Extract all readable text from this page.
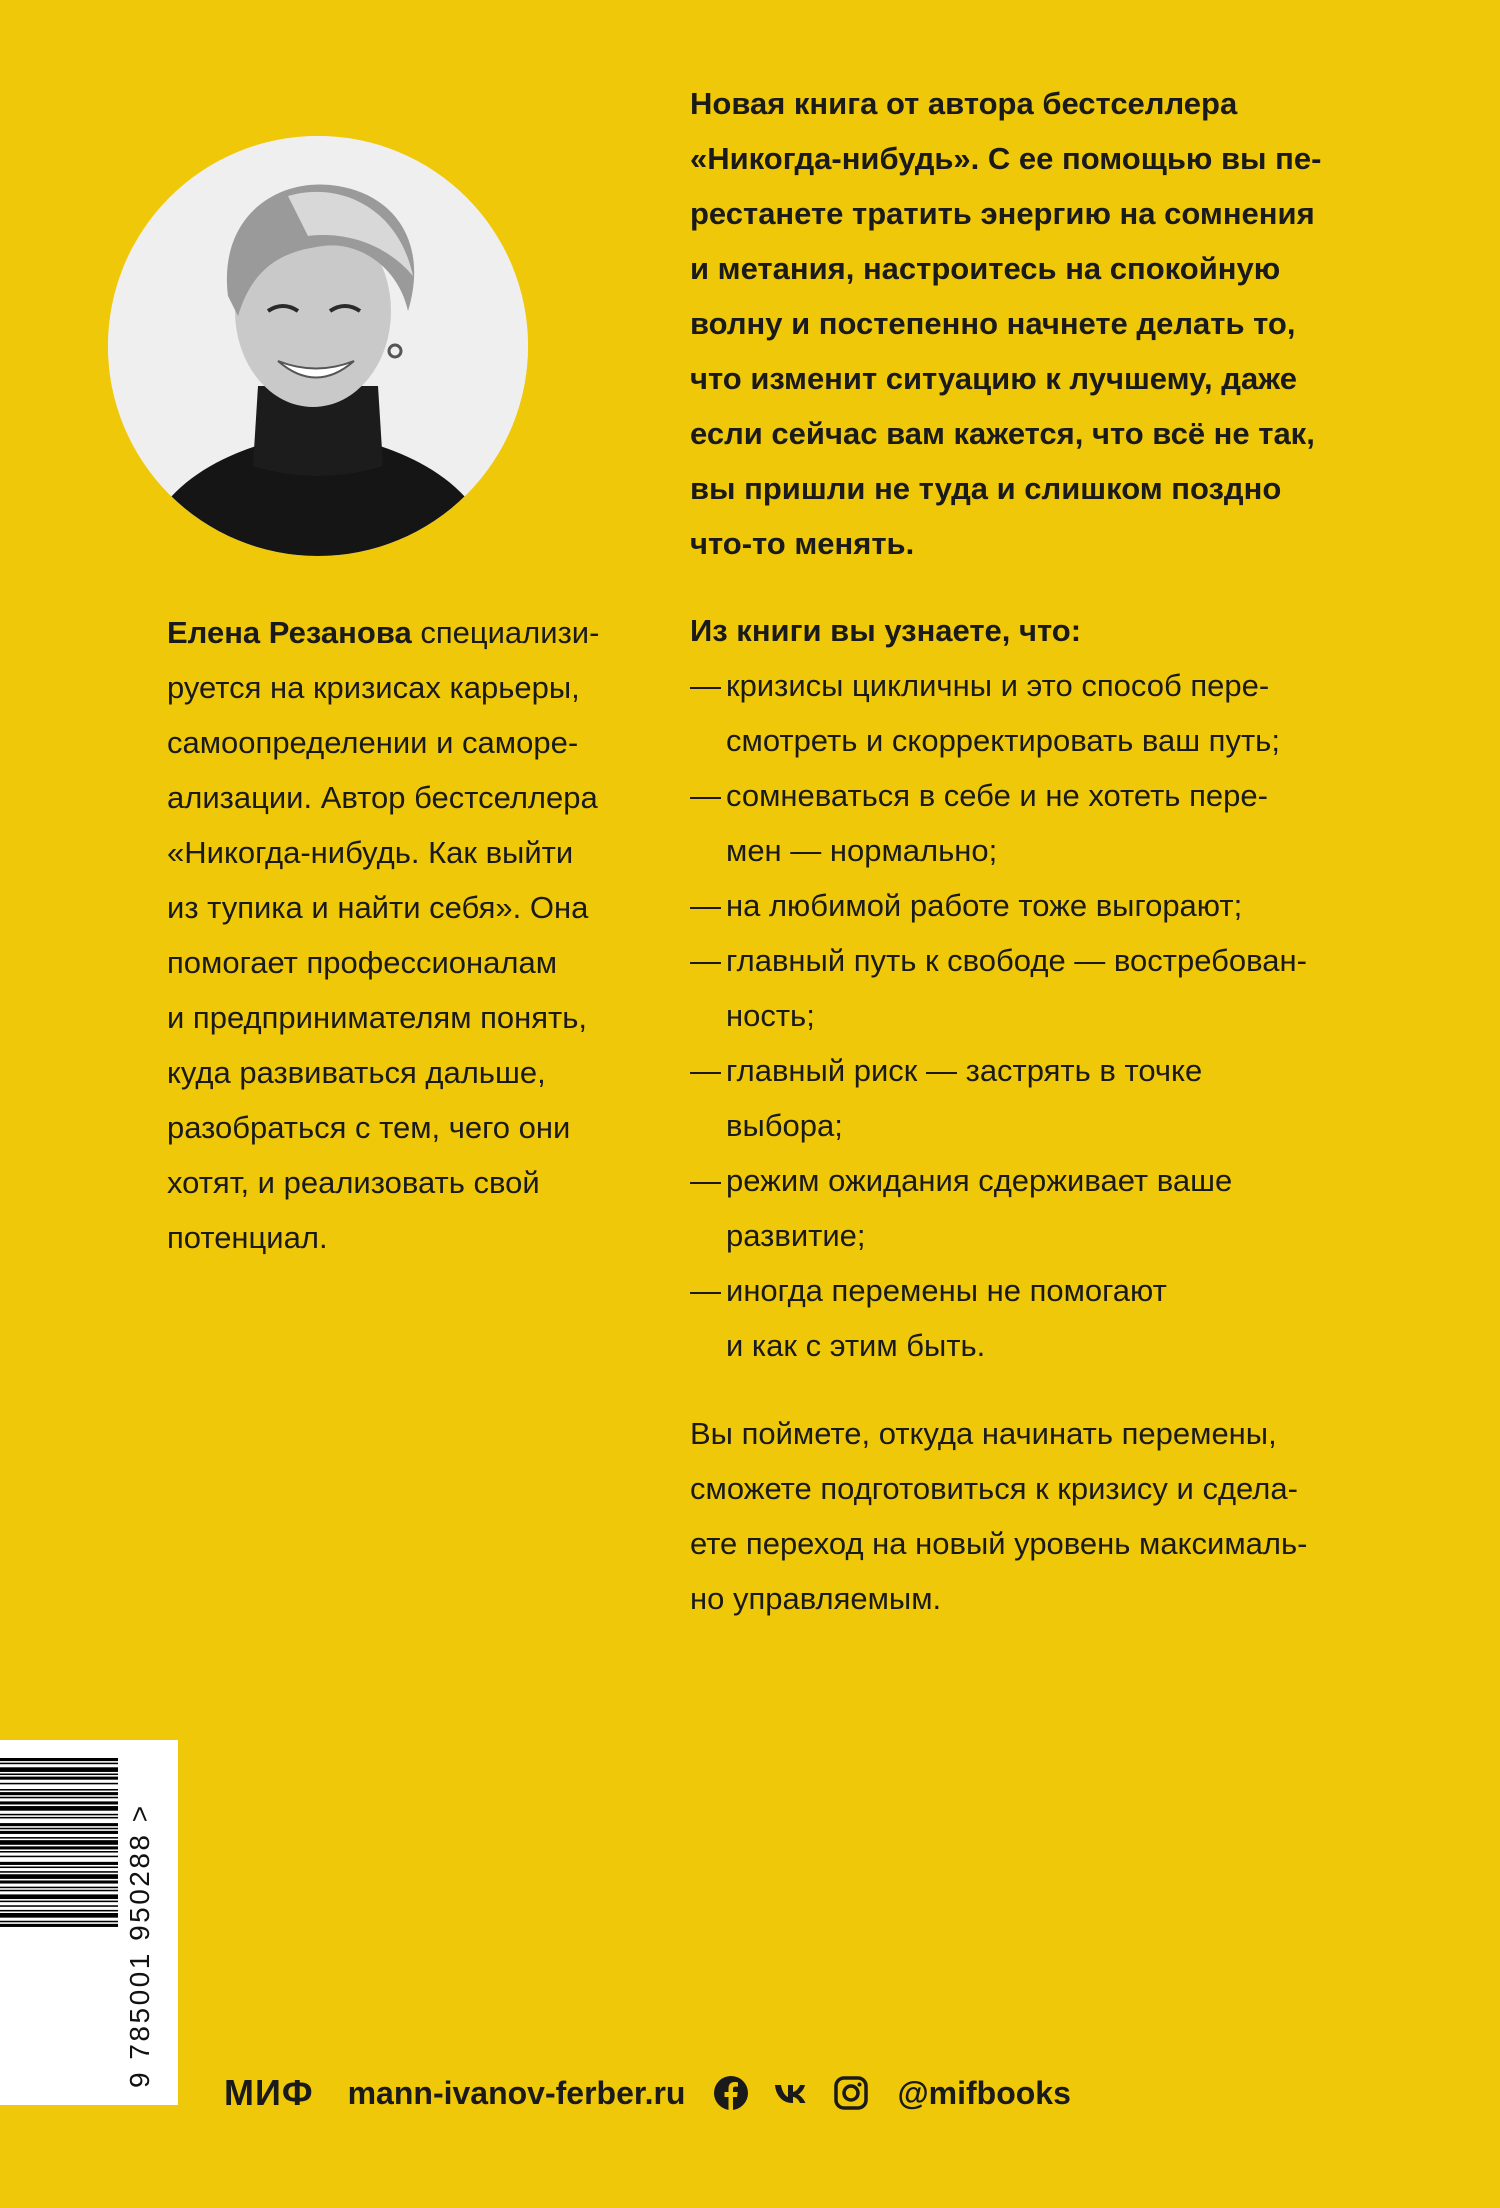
Елена Резанова специализи-
руется на кризисах карьеры,
самоопределении и саморе-
ализации. Автор бестселлера
«Никогда-нибудь. Как выйти
из тупика и найти себя». Она
помогает профессионалам
и предпринимателям понять,
куда развиваться дальше,
разобраться с тем, чего они
хотят, и реализовать свой
потенциал.
Новая книга от автора бестселлера
«Никогда-нибудь». С ее помощью вы пе-
рестанете тратить энергию на сомнения
и метания, настроитесь на спокойную
волну и постепенно начнете делать то,
что изменит ситуацию к лучшему, даже
если сейчас вам кажется, что всё не так,
вы пришли не туда и слишком поздно
что-то менять.
Из книги вы узнаете, что:
— кризисы цикличны и это способ пере-
смотреть и скорректировать ваш путь;
— сомневаться в себе и не хотеть пере-
мен — нормально;
— на любимой работе тоже выгорают;
— главный путь к свободе — востребован-
ность;
— главный риск — застрять в точке
выбора;
— режим ожидания сдерживает ваше
развитие;
— иногда перемены не помогают
и как с этим быть.
Вы поймете, откуда начинать перемены,
сможете подготовиться к кризису и сдела-
ете переход на новый уровень максималь-
но управляемым.
9 785001 950288 >
МИФ mann-ivanov-ferber.ru	@mifbooks
